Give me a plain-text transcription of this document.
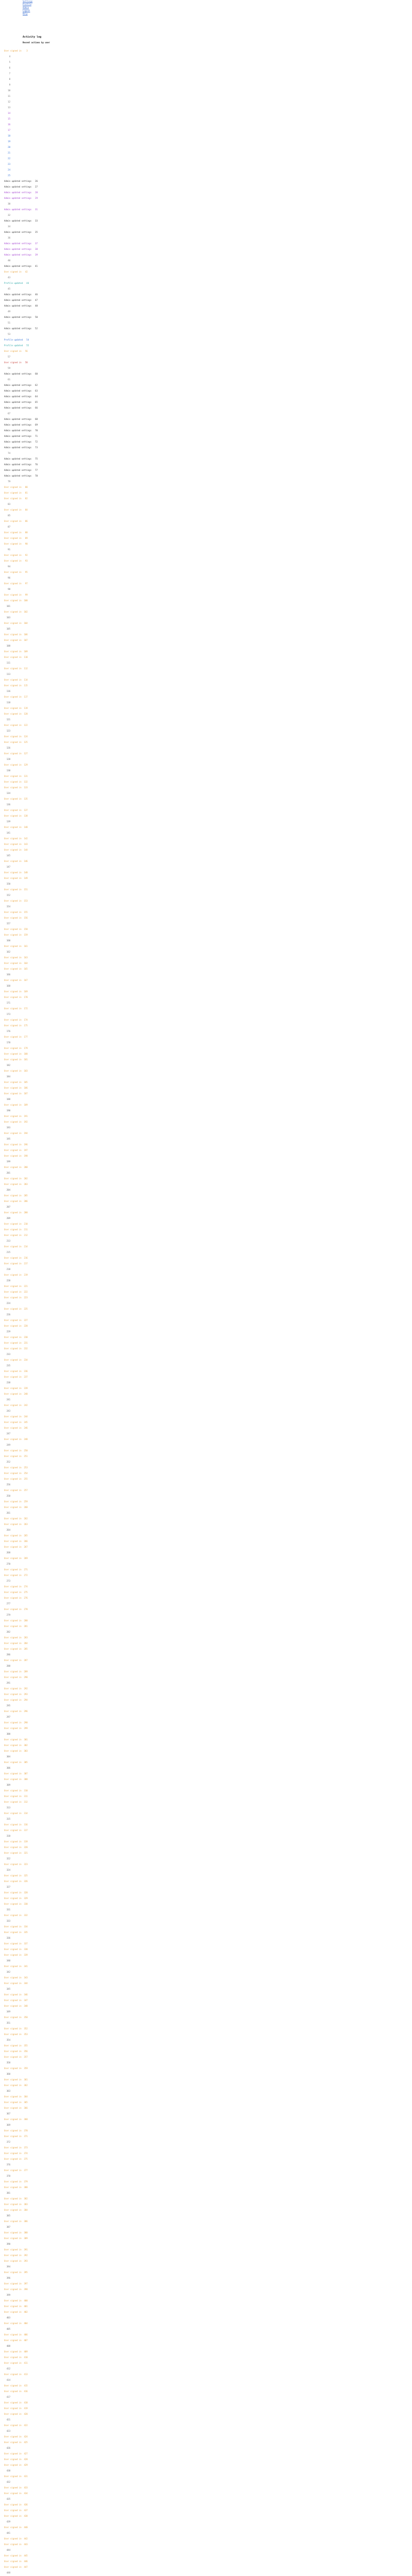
Settings
Profile
Admin
Logout
Help
Activity log
Recent actions by user
User signed in 3
4
5
6
7
8
9
10
11
12
13
14
15
16
17
18
19
20
21
22
23
24
25
Admin updated settings 26
Admin updated settings 27
Admin updated settings 28
Admin updated settings 29
30
Admin updated settings 31
32
Admin updated settings 33
34
Admin updated settings 35
36
Admin updated settings 37
Admin updated settings 38
Admin updated settings 39
40
Admin updated settings 41
User signed in 42
43
Profile updated 44
45
Admin updated settings 46
Admin updated settings 47
Admin updated settings 48
49
Admin updated settings 50
51
Admin updated settings 52
53
Profile updated 54
Profile updated 55
User signed in 56
57
User signed in 58
59
Admin updated settings 60
61
Admin updated settings 62
Admin updated settings 63
Admin updated settings 64
Admin updated settings 65
Admin updated settings 66
67
Admin updated settings 68
Admin updated settings 69
Admin updated settings 70
Admin updated settings 71
Admin updated settings 72
Admin updated settings 73
74
Admin updated settings 75
Admin updated settings 76
Admin updated settings 77
Admin updated settings 78
79
User signed in 80
User signed in 81
User signed in 82
83
User signed in 84
85
User signed in 86
87
User signed in 88
User signed in 89
User signed in 90
91
User signed in 92
User signed in 93
94
User signed in 95
96
User signed in 97
98
User signed in 99
User signed in 100
101
User signed in 102
103
User signed in 104
105
User signed in 106
User signed in 107
108
User signed in 109
User signed in 110
111
User signed in 112
113
User signed in 114
User signed in 115
116
User signed in 117
118
User signed in 119
User signed in 120
121
User signed in 122
123
User signed in 124
User signed in 125
126
User signed in 127
128
User signed in 129
130
User signed in 131
User signed in 132
User signed in 133
134
User signed in 135
136
User signed in 137
User signed in 138
139
User signed in 140
141
User signed in 142
User signed in 143
User signed in 144
145
User signed in 146
147
User signed in 148
User signed in 149
150
User signed in 151
152
User signed in 153
154
User signed in 155
User signed in 156
157
User signed in 158
User signed in 159
160
User signed in 161
162
User signed in 163
User signed in 164
User signed in 165
166
User signed in 167
168
User signed in 169
User signed in 170
171
User signed in 172
173
User signed in 174
User signed in 175
176
User signed in 177
178
User signed in 179
User signed in 180
User signed in 181
182
User signed in 183
184
User signed in 185
User signed in 186
User signed in 187
188
User signed in 189
190
User signed in 191
User signed in 192
193
User signed in 194
195
User signed in 196
User signed in 197
User signed in 198
199
User signed in 200
201
User signed in 202
User signed in 203
204
User signed in 205
User signed in 206
207
User signed in 208
209
User signed in 210
User signed in 211
User signed in 212
213
User signed in 214
215
User signed in 216
User signed in 217
218
User signed in 219
220
User signed in 221
User signed in 222
User signed in 223
224
User signed in 225
226
User signed in 227
User signed in 228
229
User signed in 230
User signed in 231
User signed in 232
233
User signed in 234
235
User signed in 236
User signed in 237
238
User signed in 239
User signed in 240
241
User signed in 242
243
User signed in 244
User signed in 245
User signed in 246
247
User signed in 248
249
User signed in 250
User signed in 251
252
User signed in 253
User signed in 254
User signed in 255
256
User signed in 257
258
User signed in 259
User signed in 260
261
User signed in 262
User signed in 263
264
User signed in 265
User signed in 266
User signed in 267
268
User signed in 269
270
User signed in 271
User signed in 272
273
User signed in 274
User signed in 275
User signed in 276
277
User signed in 278
279
User signed in 280
User signed in 281
282
User signed in 283
User signed in 284
User signed in 285
286
User signed in 287
288
User signed in 289
User signed in 290
291
User signed in 292
User signed in 293
User signed in 294
295
User signed in 296
297
User signed in 298
User signed in 299
300
User signed in 301
User signed in 302
User signed in 303
304
User signed in 305
306
User signed in 307
User signed in 308
309
User signed in 310
User signed in 311
User signed in 312
313
User signed in 314
315
User signed in 316
User signed in 317
318
User signed in 319
User signed in 320
User signed in 321
322
User signed in 323
324
User signed in 325
User signed in 326
327
User signed in 328
User signed in 329
User signed in 330
331
User signed in 332
333
User signed in 334
User signed in 335
336
User signed in 337
User signed in 338
User signed in 339
340
User signed in 341
342
User signed in 343
User signed in 344
345
User signed in 346
User signed in 347
User signed in 348
349
User signed in 350
351
User signed in 352
User signed in 353
354
User signed in 355
User signed in 356
User signed in 357
358
User signed in 359
360
User signed in 361
User signed in 362
363
User signed in 364
User signed in 365
User signed in 366
367
User signed in 368
369
User signed in 370
User signed in 371
372
User signed in 373
User signed in 374
User signed in 375
376
User signed in 377
378
User signed in 379
User signed in 380
381
User signed in 382
User signed in 383
User signed in 384
385
User signed in 386
387
User signed in 388
User signed in 389
390
User signed in 391
User signed in 392
User signed in 393
394
User signed in 395
396
User signed in 397
User signed in 398
399
User signed in 400
User signed in 401
User signed in 402
403
User signed in 404
405
User signed in 406
User signed in 407
408
User signed in 409
User signed in 410
User signed in 411
412
User signed in 413
414
User signed in 415
User signed in 416
417
User signed in 418
User signed in 419
User signed in 420
421
User signed in 422
423
User signed in 424
User signed in 425
426
User signed in 427
User signed in 428
User signed in 429
430
User signed in 431
432
User signed in 433
User signed in 434
435
User signed in 436
User signed in 437
User signed in 438
439
User signed in 440
441
User signed in 442
User signed in 443
444
User signed in 445
User signed in 446
User signed in 447
448
